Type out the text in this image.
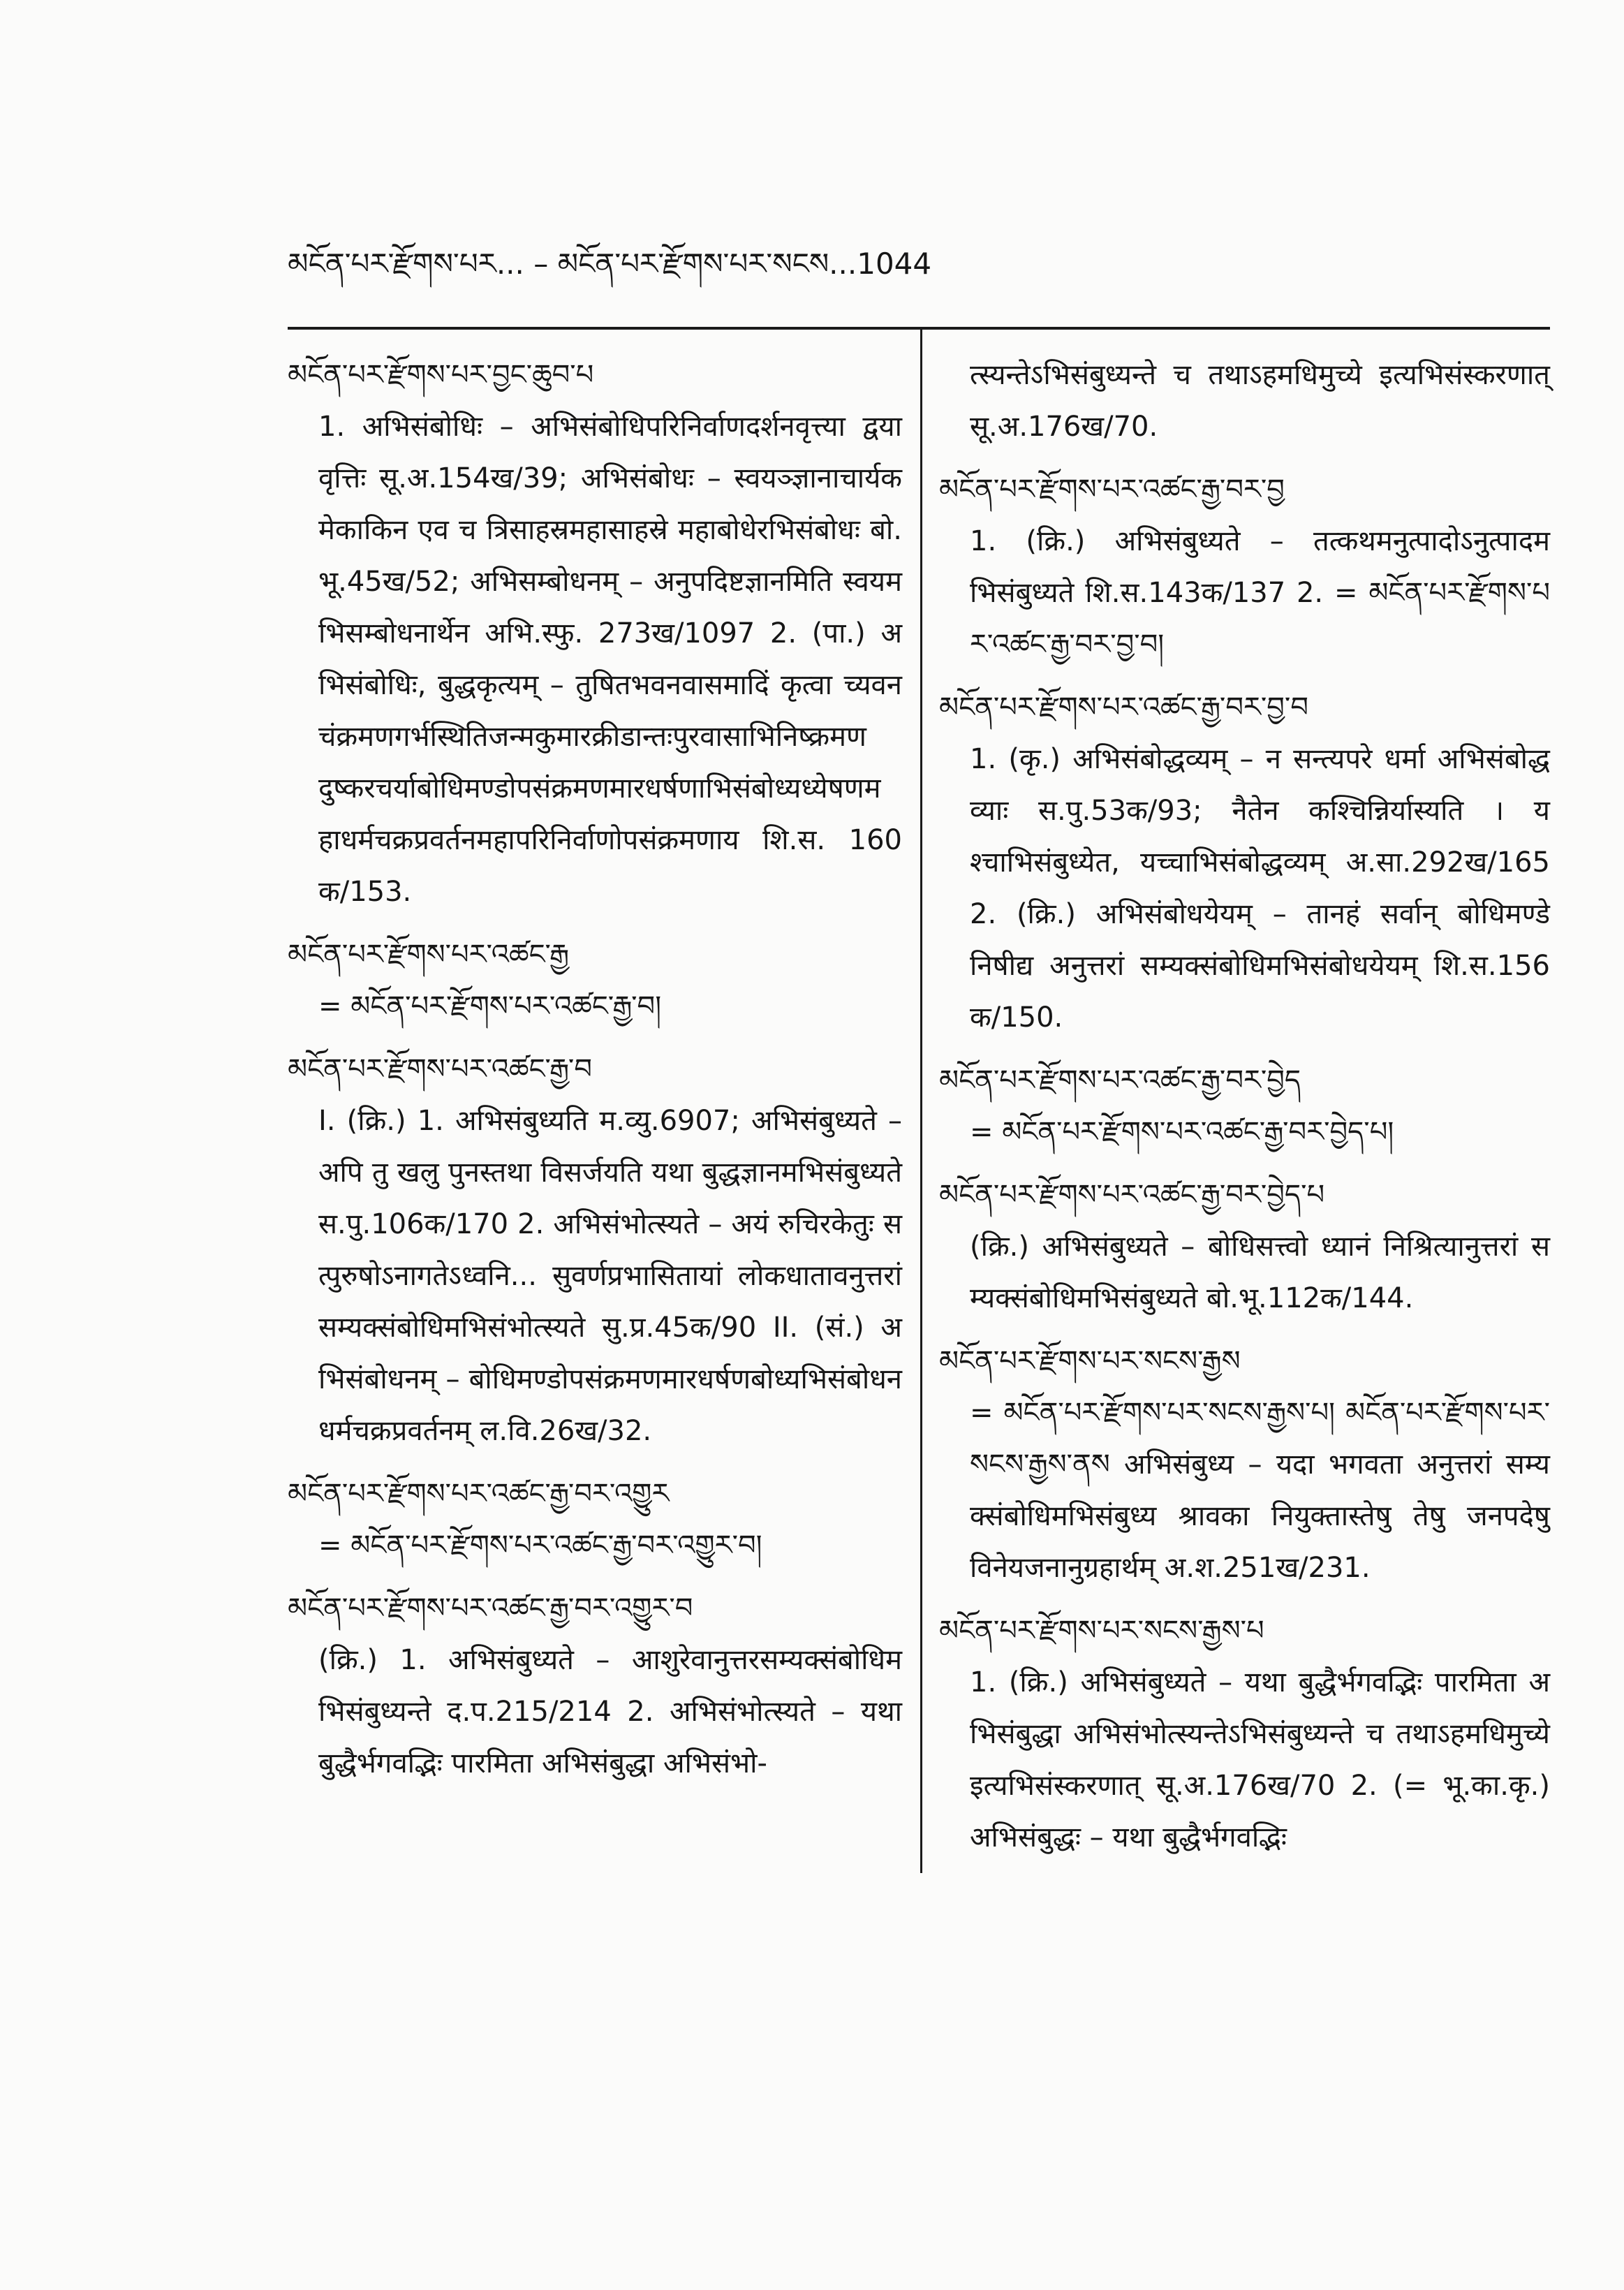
མངོན་པར་རྫོགས་པར... – མངོན་པར་རྫོགས་པར་སངས...1044
མངོན་པར་རྫོགས་པར་བྱང་ཆུབ་པ
1. अभिसंबोधिः – अभिसंबोधिपरिनिर्वाणदर्शनवृत्त्या द्वया वृत्तिः सू.अ.154ख/39; अभिसंबोधः – स्वयञ्ज्ञानाचार्यकमेकाकिन एव च त्रिसाहस्रमहासाहस्रे महाबोधेरभिसंबोधः बो.भू.45ख/52; अभिसम्बोधनम् – अनुपदिष्टज्ञानमिति स्वयमभिसम्बोधनार्थेन अभि.स्फु. 273ख/1097 2. (पा.) अभिसंबोधिः, बुद्धकृत्यम् – तुषितभवनवासमादिं कृत्वा च्यवनचंक्रमणगर्भस्थितिजन्मकुमारक्रीडान्तःपुरवासाभिनिष्क्रमणदुष्करचर्याबोधिमण्डोपसंक्रमणमारधर्षणाभिसंबोध्यध्येषणमहाधर्मचक्रप्रवर्तनमहापरिनिर्वाणोपसंक्रमणाय शि.स. 160क/153.
མངོན་པར་རྫོགས་པར་འཚང་རྒྱ
= མངོན་པར་རྫོགས་པར་འཚང་རྒྱ་བ།
མངོན་པར་རྫོགས་པར་འཚང་རྒྱ་བ
I. (क्रि.) 1. अभिसंबुध्यति म.व्यु.6907; अभिसंबुध्यते – अपि तु खलु पुनस्तथा विसर्जयति यथा बुद्धज्ञानमभिसंबुध्यते स.पु.106क/170 2. अभिसंभोत्स्यते – अयं रुचिरकेतुः सत्पुरुषोऽनागतेऽध्वनि... सुवर्णप्रभासितायां लोकधातावनुत्तरां सम्यक्संबोधिमभिसंभोत्स्यते सु.प्र.45क/90 II. (सं.) अभिसंबोधनम् – बोधिमण्डोपसंक्रमणमारधर्षणबोध्यभिसंबोधनधर्मचक्रप्रवर्तनम् ल.वि.26ख/32.
མངོན་པར་རྫོགས་པར་འཚང་རྒྱ་བར་འགྱུར
= མངོན་པར་རྫོགས་པར་འཚང་རྒྱ་བར་འགྱུར་བ།
མངོན་པར་རྫོགས་པར་འཚང་རྒྱ་བར་འགྱུར་བ
(क्रि.) 1. अभिसंबुध्यते – आशुरेवानुत्तरसम्यक्संबोधिमभिसंबुध्यन्ते द.प.215/214 2. अभिसंभोत्स्यते – यथा बुद्धैर्भगवद्भिः पारमिता अभिसंबुद्धा अभिसंभो-
त्स्यन्तेऽभिसंबुध्यन्ते च तथाऽहमधिमुच्ये इत्यभिसंस्करणात् सू.अ.176ख/70.
མངོན་པར་རྫོགས་པར་འཚང་རྒྱ་བར་བྱ
1. (क्रि.) अभिसंबुध्यते – तत्कथमनुत्पादोऽनुत्पादमभिसंबुध्यते शि.स.143क/137 2. = མངོན་པར་རྫོགས་པར་འཚང་རྒྱ་བར་བྱ་བ།
མངོན་པར་རྫོགས་པར་འཚང་རྒྱ་བར་བྱ་བ
1. (कृ.) अभिसंबोद्धव्यम् – न सन्त्यपरे धर्मा अभिसंबोद्धव्याः स.पु.53क/93; नैतेन कश्चिन्निर्यास्यति । यश्चाभिसंबुध्येत, यच्चाभिसंबोद्धव्यम् अ.सा.292ख/165 2. (क्रि.) अभिसंबोधयेयम् – तानहं सर्वान् बोधिमण्डे निषीद्य अनुत्तरां सम्यक्संबोधिमभिसंबोधयेयम् शि.स.156क/150.
མངོན་པར་རྫོགས་པར་འཚང་རྒྱ་བར་བྱེད
= མངོན་པར་རྫོགས་པར་འཚང་རྒྱ་བར་བྱེད་པ།
མངོན་པར་རྫོགས་པར་འཚང་རྒྱ་བར་བྱེད་པ
(क्रि.) अभिसंबुध्यते – बोधिसत्त्वो ध्यानं निश्रित्यानुत्तरां सम्यक्संबोधिमभिसंबुध्यते बो.भू.112क/144.
མངོན་པར་རྫོགས་པར་སངས་རྒྱས
= མངོན་པར་རྫོགས་པར་སངས་རྒྱས་པ། མངོན་པར་རྫོགས་པར་སངས་རྒྱས་ནས अभिसंबुध्य – यदा भगवता अनुत्तरां सम्यक्संबोधिमभिसंबुध्य श्रावका नियुक्तास्तेषु तेषु जनपदेषु विनेयजनानुग्रहार्थम् अ.श.251ख/231.
མངོན་པར་རྫོགས་པར་སངས་རྒྱས་པ
1. (क्रि.) अभिसंबुध्यते – यथा बुद्धैर्भगवद्भिः पारमिता अभिसंबुद्धा अभिसंभोत्स्यन्तेऽभिसंबुध्यन्ते च तथाऽहमधिमुच्ये इत्यभिसंस्करणात् सू.अ.176ख/70 2. (= भू.का.कृ.) अभिसंबुद्धः – यथा बुद्धैर्भगवद्भिः
